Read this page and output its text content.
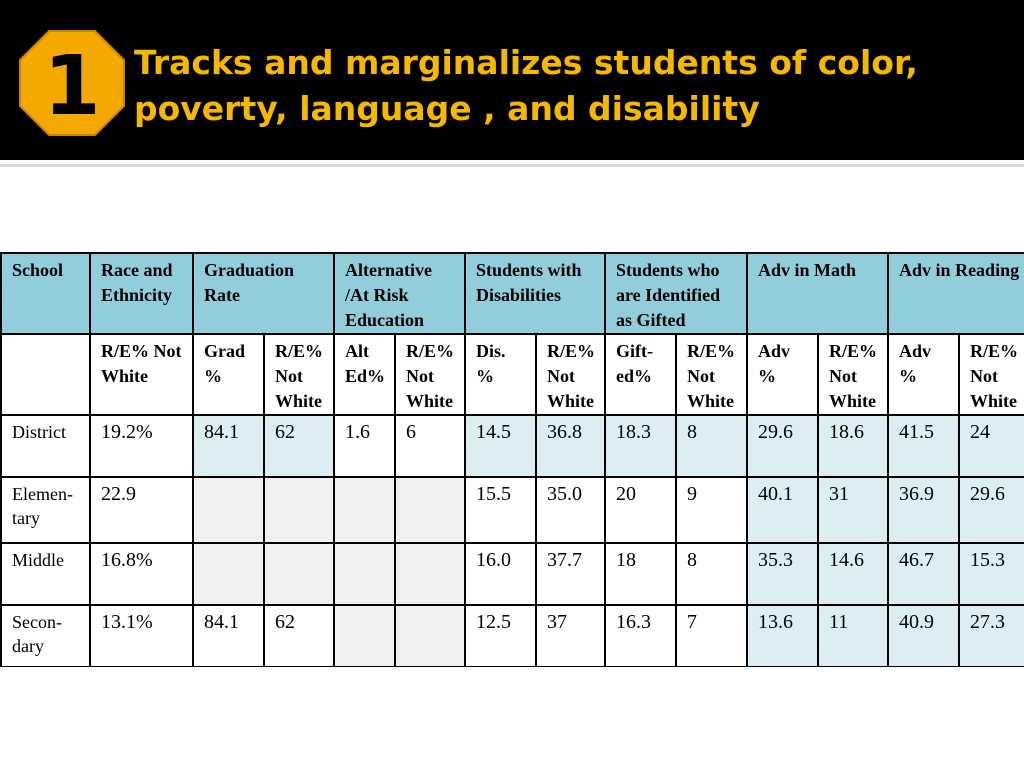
1 Tracks and marginalizes students of color,
poverty, language , and disability
School	Race and Ethnicity	Graduation Rate		Alternative /At Risk Education		Students with Disabilities		Students who are Identified as Gifted		Adv in Math		Adv in Reading	
	R/E% Not White	Grad %	R/E% Not White	Alt Ed%	R/E% Not White	Dis. %	R/E% Not White	Gift- ed%	R/E% Not White	Adv %	R/E% Not White	Adv %	R/E% Not White
District	19.2%	84.1	62	1.6	6	14.5	36.8	18.3	8	29.6	18.6	41.5	24
Elemen- tary	22.9					15.5	35.0	20	9	40.1	31	36.9	29.6
Middle	16.8%					16.0	37.7	18	8	35.3	14.6	46.7	15.3
Secon- dary	13.1%	84.1	62			12.5	37	16.3	7	13.6	11	40.9	27.3
